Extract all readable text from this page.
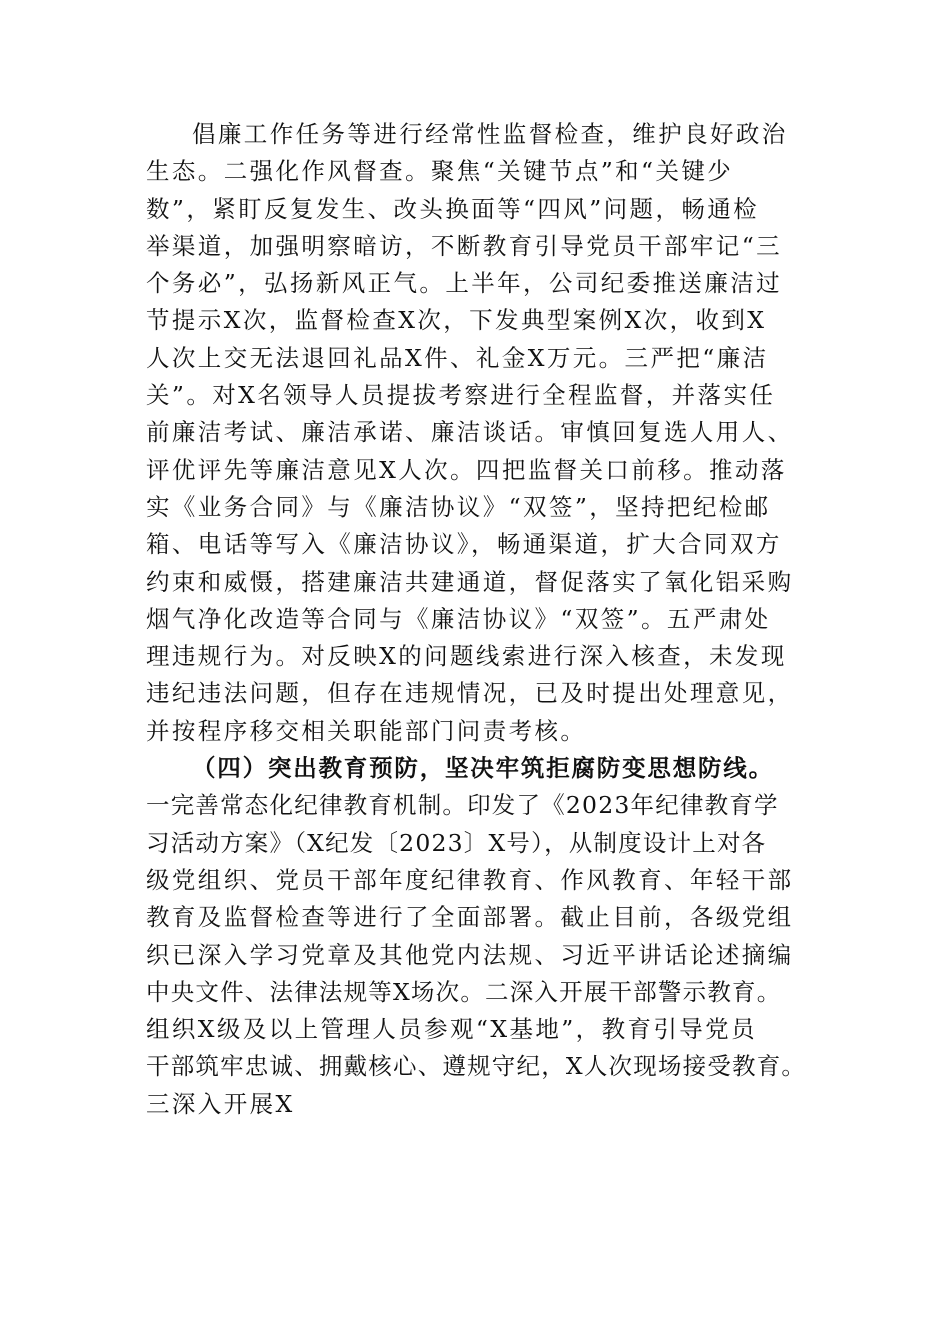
倡廉工作任务等进行经常性监督检查，维护良好政治
生态。二强化作风督查。聚焦“关键节点”和“关键少
数”，紧盯反复发生、改头换面等“四风”问题，畅通检
举渠道，加强明察暗访，不断教育引导党员干部牢记“三
个务必”，弘扬新风正气。上半年，公司纪委推送廉洁过
节提示X次，监督检查X次，下发典型案例X次，收到X
人次上交无法退回礼品X件、礼金X万元。三严把“廉洁
关”。对X名领导人员提拔考察进行全程监督，并落实任
前廉洁考试、廉洁承诺、廉洁谈话。审慎回复选人用人、
评优评先等廉洁意见X人次。四把监督关口前移。推动落
实《业务合同》与《廉洁协议》“双签”，坚持把纪检邮
箱、电话等写入《廉洁协议》，畅通渠道，扩大合同双方
约束和威慑，搭建廉洁共建通道，督促落实了氧化铝采购
烟气净化改造等合同与《廉洁协议》“双签”。五严肃处
理违规行为。对反映X的问题线索进行深入核查，未发现
违纪违法问题，但存在违规情况，已及时提出处理意见，
并按程序移交相关职能部门问责考核。
（四）突出教育预防，坚决牢筑拒腐防变思想防线。
一完善常态化纪律教育机制。印发了《2023年纪律教育学
习活动方案》（X纪发〔2023〕X号），从制度设计上对各
级党组织、党员干部年度纪律教育、作风教育、年轻干部
教育及监督检查等进行了全面部署。截止目前，各级党组
织已深入学习党章及其他党内法规、习近平讲话论述摘编
中央文件、法律法规等X场次。二深入开展干部警示教育。
组织X级及以上管理人员参观“X基地”，教育引导党员
干部筑牢忠诚、拥戴核心、遵规守纪，X人次现场接受教育。
三深入开展X
